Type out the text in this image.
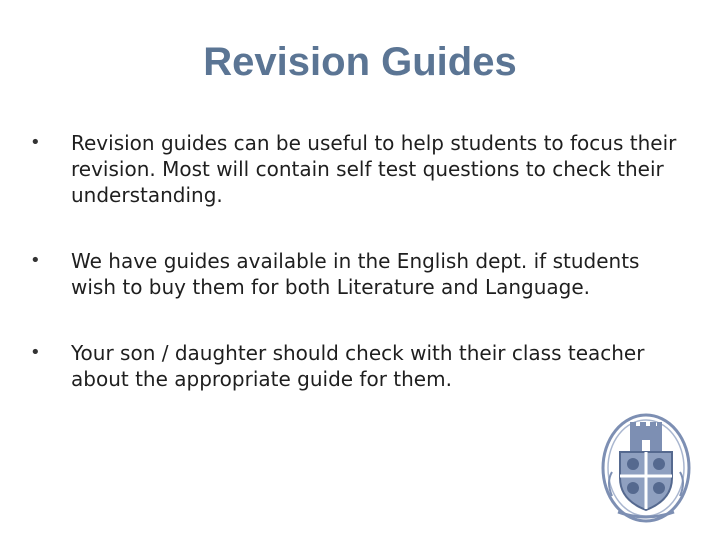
Revision Guides
• Revision guides can be useful to help students to focus their revision. Most will contain self test questions to check their understanding.
• We have guides available in the English dept. if students wish to buy them for both Literature and Language.
• Your son / daughter should check with their class teacher about the appropriate guide for them.
